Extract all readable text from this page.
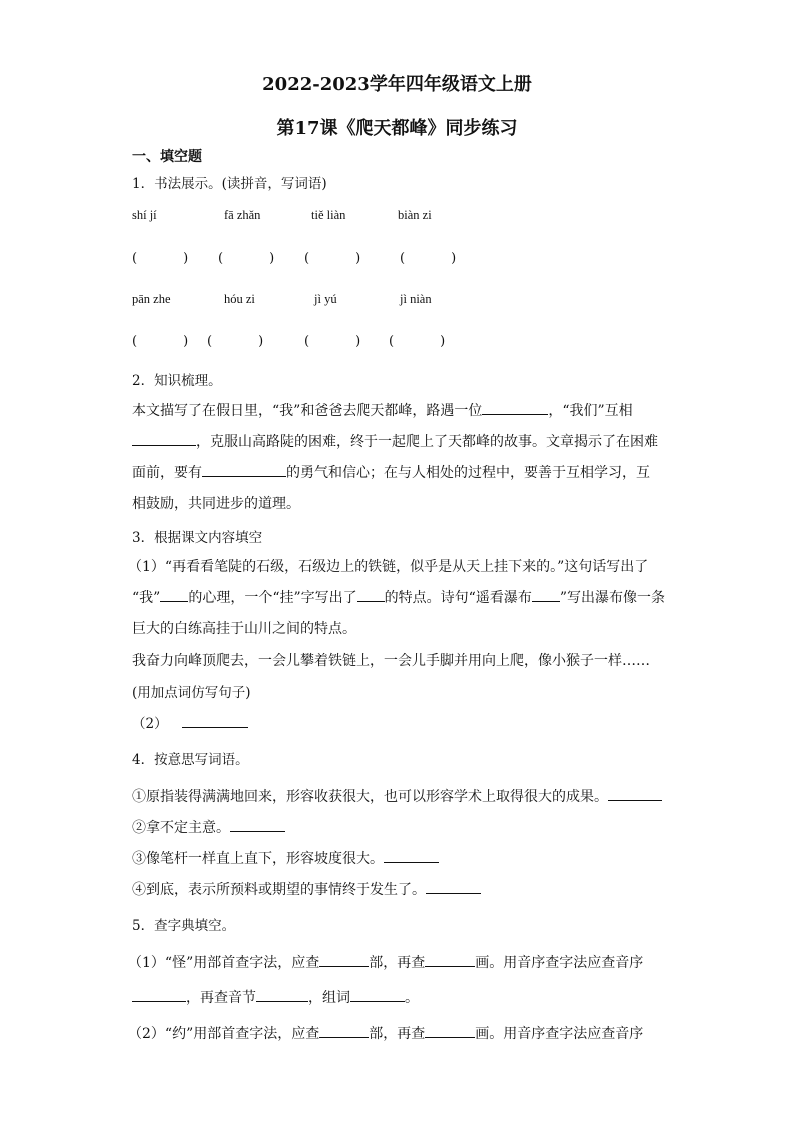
2022-2023学年四年级语文上册
第17课《爬天都峰》同步练习
一、填空题
1．书法展示。(读拼音，写词语)
shí jí	fā zhǎn	tiě liàn	biàn zi
(	) (	) (	)	(	)
pān zhe	hóu zi	jì yú	jì niàn
(	) (	)	(	) (	)
2．知识梳理。
本文描写了在假日里，“我”和爸爸去爬天都峰，路遇一位	，“我们”互相
，克服山高路陡的困难，终于一起爬上了天都峰的故事。文章揭示了在困难
面前，要有	的勇气和信心；在与人相处的过程中，要善于互相学习，互
相鼓励，共同进步的道理。
3．根据课文内容填空
（1）“再看看笔陡的石级，石级边上的铁链，似乎是从天上挂下来的。”这句话写出了
“我” 的心理，一个“挂”字写出了 的特点。诗句“遥看瀑布 ”写出瀑布像一条
巨大的白练高挂于山川之间的特点。
我奋力向峰顶爬去，一会儿攀着铁链上，一会儿手脚并用向上爬，像小猴子一样……
(用加点词仿写句子)
（2）
4．按意思写词语。
①原指装得满满地回来，形容收获很大，也可以形容学术上取得很大的成果。
②拿不定主意。
③像笔杆一样直上直下，形容坡度很大。
④到底，表示所预料或期望的事情终于发生了。
5．查字典填空。
（1）“怪”用部首查字法，应查	部，再查	画。用音序查字法应查音序
，再查音节	，组词	。
（2）“约”用部首查字法，应查	部，再查	画。用音序查字法应查音序
